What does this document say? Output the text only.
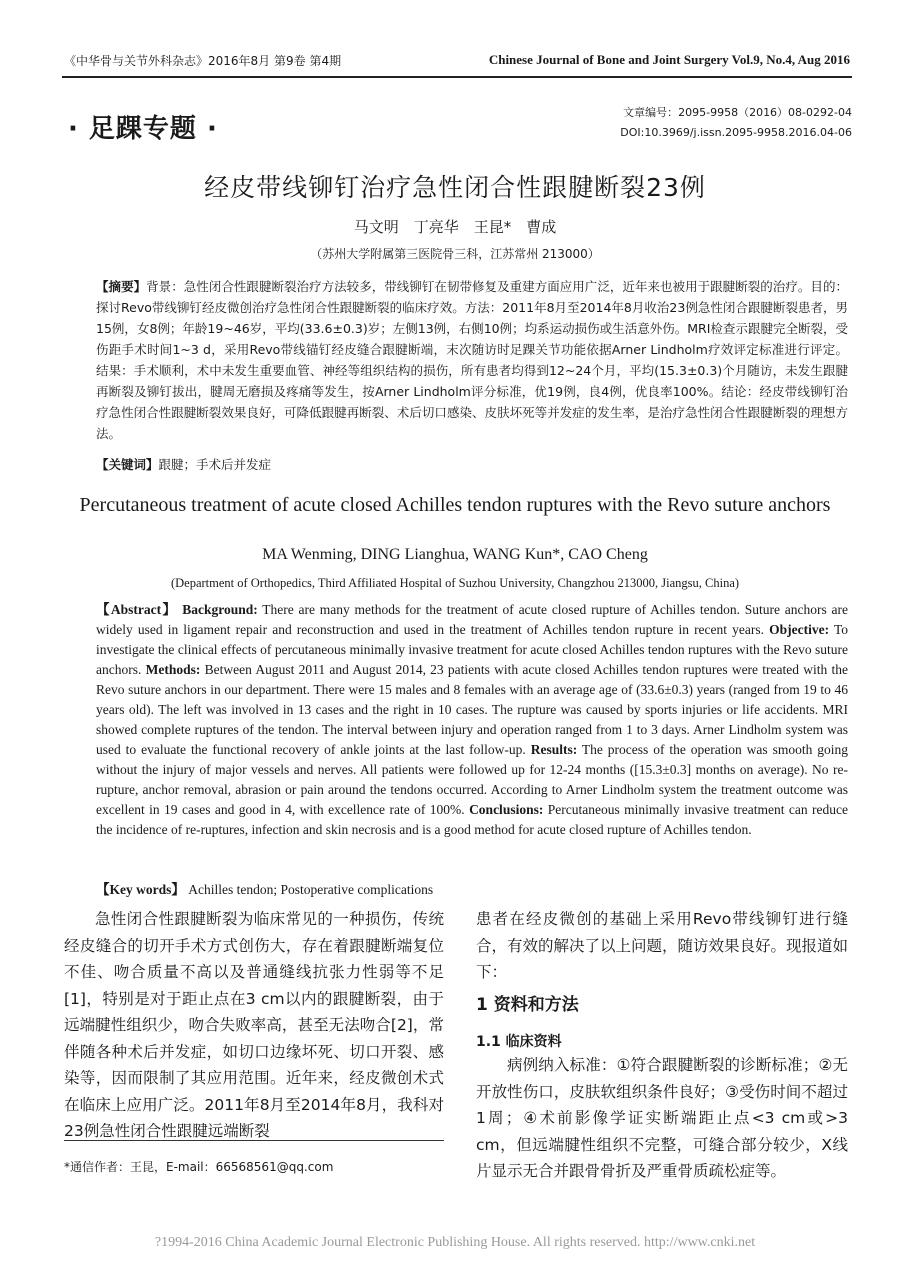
《中华骨与关节外科杂志》2016年8月 第9卷 第4期	Chinese Journal of Bone and Joint Surgery Vol.9, No.4, Aug 2016
· 足踝专题 ·
文章编号：2095-9958（2016）08-0292-04
DOI:10.3969/j.issn.2095-9958.2016.04-06
经皮带线铆钉治疗急性闭合性跟腱断裂23例
马文明　丁亮华　王昆*　曹成
（苏州大学附属第三医院骨三科，江苏常州 213000）
【摘要】背景：急性闭合性跟腱断裂治疗方法较多，带线铆钉在韧带修复及重建方面应用广泛，近年来也被用于跟腱断裂的治疗。目的：探讨Revo带线铆钉经皮微创治疗急性闭合性跟腱断裂的临床疗效。方法：2011年8月至2014年8月收治23例急性闭合跟腱断裂患者，男15例，女8例；年龄19~46岁，平均(33.6±0.3)岁；左侧13例，右侧10例；均系运动损伤或生活意外伤。MRI检查示跟腱完全断裂，受伤距手术时间1~3 d，采用Revo带线锚钉经皮缝合跟腱断端，末次随访时足踝关节功能依据Arner Lindholm疗效评定标准进行评定。结果：手术顺利，术中未发生重要血管、神经等组织结构的损伤，所有患者均得到12~24个月，平均(15.3±0.3)个月随访，未发生跟腱再断裂及铆钉拔出，腱周无磨损及疼痛等发生，按Arner Lindholm评分标准，优19例，良4例，优良率100%。结论：经皮带线铆钉治疗急性闭合性跟腱断裂效果良好，可降低跟腱再断裂、术后切口感染、皮肤坏死等并发症的发生率，是治疗急性闭合性跟腱断裂的理想方法。
【关键词】跟腱；手术后并发症
Percutaneous treatment of acute closed Achilles tendon ruptures with the Revo suture anchors
MA Wenming, DING Lianghua, WANG Kun*, CAO Cheng
(Department of Orthopedics, Third Affiliated Hospital of Suzhou University, Changzhou 213000, Jiangsu, China)
【Abstract】 Background: There are many methods for the treatment of acute closed rupture of Achilles tendon. Suture anchors are widely used in ligament repair and reconstruction and used in the treatment of Achilles tendon rupture in recent years. Objective: To investigate the clinical effects of percutaneous minimally invasive treatment for acute closed Achilles tendon ruptures with the Revo suture anchors. Methods: Between August 2011 and August 2014, 23 patients with acute closed Achilles tendon ruptures were treated with the Revo suture anchors in our department. There were 15 males and 8 females with an average age of (33.6±0.3) years (ranged from 19 to 46 years old). The left was involved in 13 cases and the right in 10 cases. The rupture was caused by sports injuries or life accidents. MRI showed complete ruptures of the tendon. The interval between injury and operation ranged from 1 to 3 days. Arner Lindholm system was used to evaluate the functional recovery of ankle joints at the last follow-up. Results: The process of the operation was smooth going without the injury of major vessels and nerves. All patients were followed up for 12-24 months ([15.3±0.3] months on average). No re-rupture, anchor removal, abrasion or pain around the tendons occurred. According to Arner Lindholm system the treatment outcome was excellent in 19 cases and good in 4, with excellence rate of 100%. Conclusions: Percutaneous minimally invasive treatment can reduce the incidence of re-ruptures, infection and skin necrosis and is a good method for acute closed rupture of Achilles tendon.
【Key words】 Achilles tendon; Postoperative complications

急性闭合性跟腱断裂为临床常见的一种损伤，传统经皮缝合的切开手术方式创伤大，存在着跟腱断端复位不佳、吻合质量不高以及普通缝线抗张力性弱等不足[1]，特别是对于距止点在3 cm以内的跟腱断裂，由于远端腱性组织少，吻合失败率高，甚至无法吻合[2]，常伴随各种术后并发症，如切口边缘坏死、切口开裂、感染等，因而限制了其应用范围。近年来，经皮微创术式在临床上应用广泛。2011年8月至2014年8月，我科对23例急性闭合性跟腱远端断裂

患者在经皮微创的基础上采用Revo带线铆钉进行缝合，有效的解决了以上问题，随访效果良好。现报道如下：

1 资料和方法
1.1 临床资料

病例纳入标准：①符合跟腱断裂的诊断标准；②无开放性伤口，皮肤软组织条件良好；③受伤时间不超过1周；④术前影像学证实断端距止点<3 cm或>3 cm，但远端腱性组织不完整，可缝合部分较少，X线片显示无合并跟骨骨折及严重骨质疏松症等。

*通信作者：王昆，E-mail：66568561@qq.com
?1994-2016 China Academic Journal Electronic Publishing House. All rights reserved. http://www.cnki.net
